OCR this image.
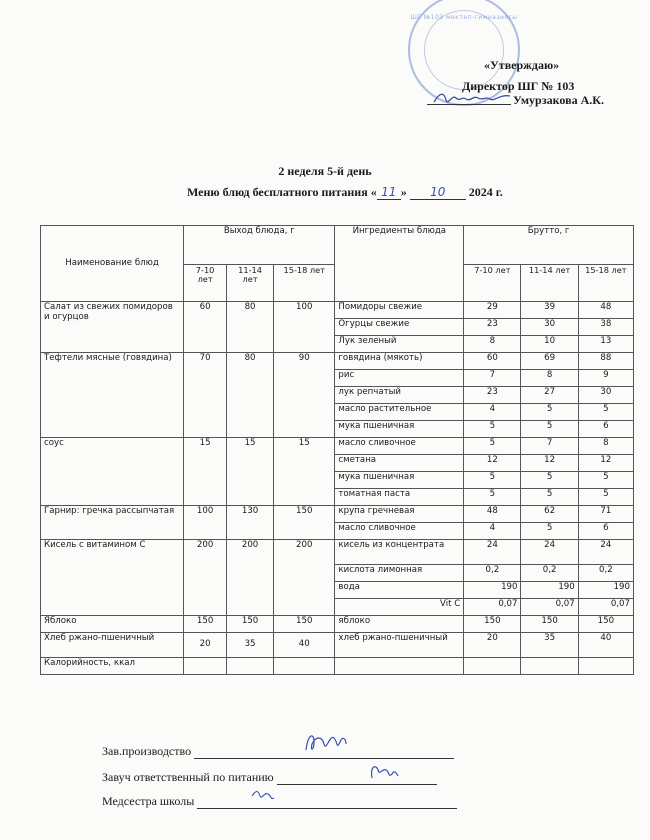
ШГ №103 мектеп-гимназиясы
«Утверждаю»
Директор ШГ № 103
Умурзакова А.К.
2 неделя 5-й день
Меню блюд бесплатного питания « 11 » 10 2024 г.
Наименование блюд	Выход блюда, г			Ингредиенты блюда	Брутто, г		
	7-10 лет	11-14 лет	15-18 лет		7-10 лет	11-14 лет	15-18 лет
Салат из свежих помидоров и огурцов	60	80	100	Помидоры свежие	29	39	48
				Огурцы свежие	23	30	38
				Лук зеленый	8	10	13
Тефтели мясные (говядина)	70	80	90	говядина (мякоть)	60	69	88
				рис	7	8	9
				лук репчатый	23	27	30
				масло растительное	4	5	5
				мука пшеничная	5	5	6
соус	15	15	15	масло сливочное	5	7	8
				сметана	12	12	12
				мука пшеничная	5	5	5
				томатная паста	5	5	5
Гарнир: гречка рассыпчатая	100	130	150	крупа гречневая	48	62	71
				масло сливочное	4	5	6
Кисель с витамином С	200	200	200	кисель из концентрата	24	24	24
				кислота лимонная	0,2	0,2	0,2
				вода	190	190	190
				Vit C	0,07	0,07	0,07
Яблоко	150	150	150	яблоко	150	150	150
Хлеб ржано-пшеничный	20	35	40	хлеб ржано-пшеничный	20	35	40
Калорийность, ккал							
Зав.производство
Завуч ответственный по питанию
Медсестра школы
